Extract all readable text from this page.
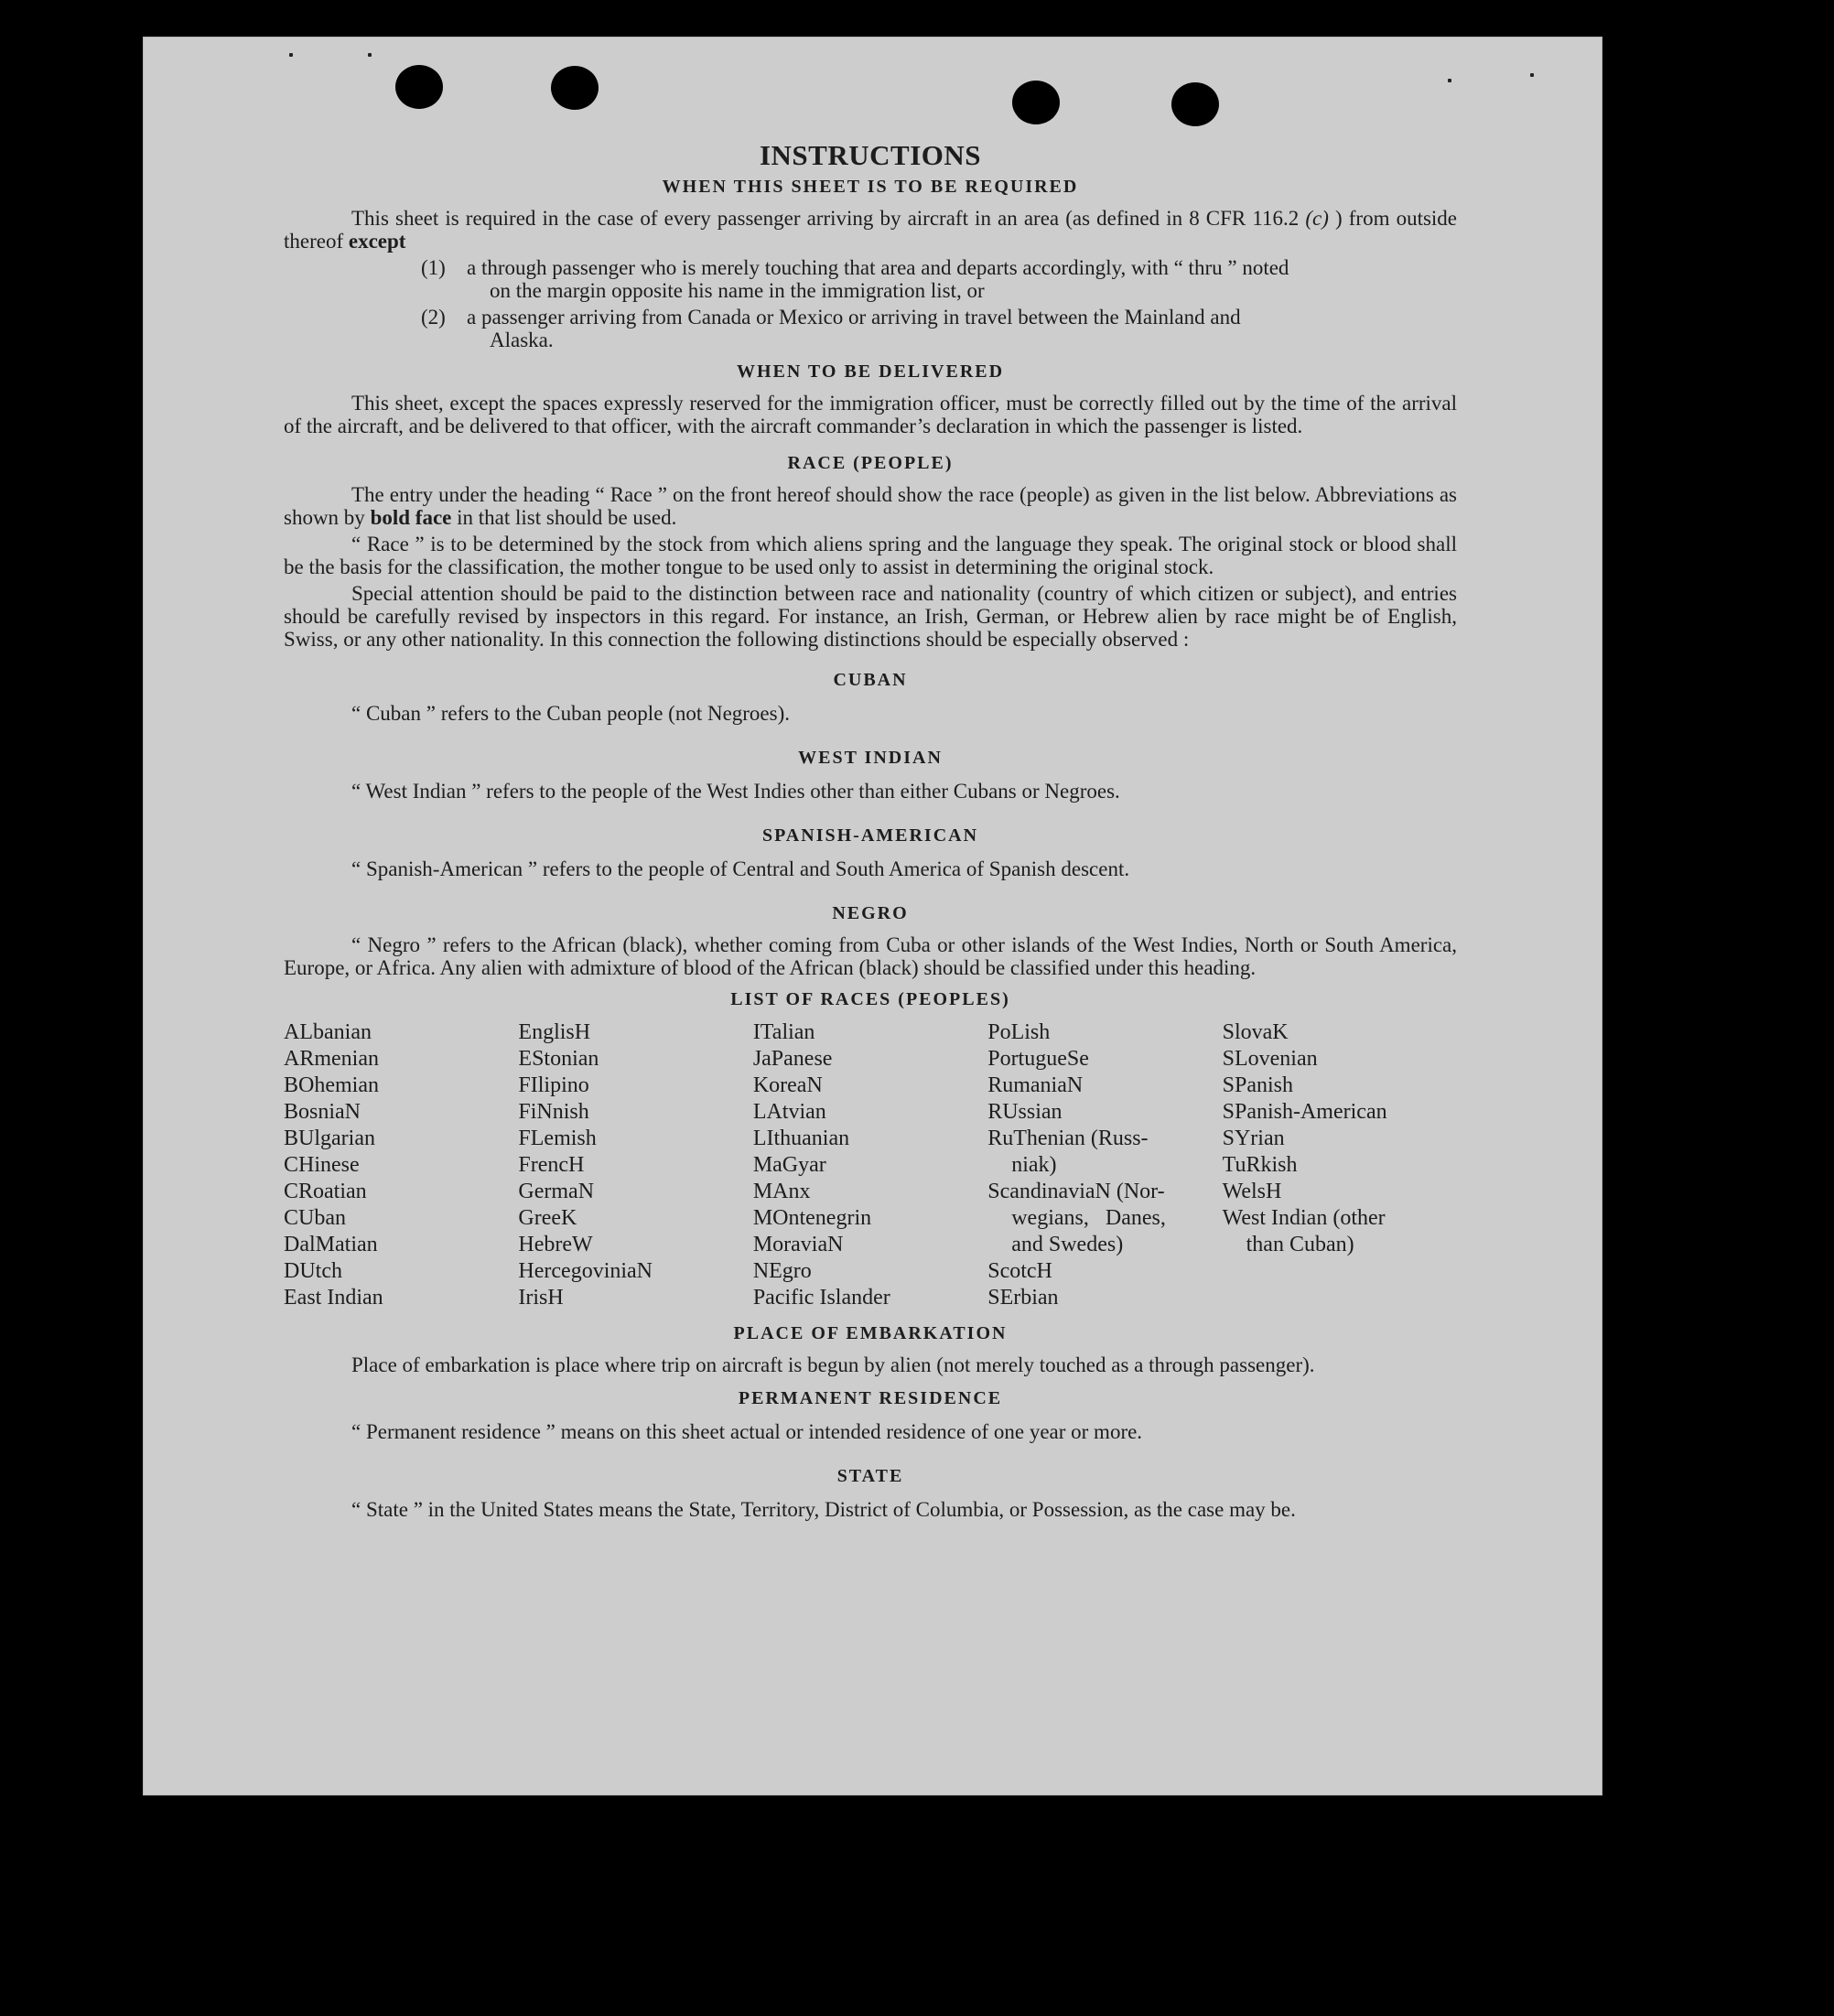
INSTRUCTIONS
WHEN THIS SHEET IS TO BE REQUIRED

This sheet is required in the case of every passenger arriving by aircraft in an area (as defined in 8 CFR 116.2 (c) ) from outside thereof except

(1) a through passenger who is merely touching that area and departs accordingly, with “ thru ” noted
on the margin opposite his name in the immigration list, or
(2) a passenger arriving from Canada or Mexico or arriving in travel between the Mainland and
Alaska.
WHEN TO BE DELIVERED

This sheet, except the spaces expressly reserved for the immigration officer, must be correctly filled out by the time of the arrival of the aircraft, and be delivered to that officer, with the aircraft commander’s declaration in which the passenger is listed.

RACE (PEOPLE)

The entry under the heading “ Race ” on the front hereof should show the race (people) as given in the list below. Abbreviations as shown by bold face in that list should be used.

“ Race ” is to be determined by the stock from which aliens spring and the language they speak. The original stock or blood shall be the basis for the classification, the mother tongue to be used only to assist in determining the original stock.

Special attention should be paid to the distinction between race and nationality (country of which citizen or subject), and entries should be carefully revised by inspectors in this regard. For instance, an Irish, German, or Hebrew alien by race might be of English, Swiss, or any other nationality. In this connection the following distinctions should be especially observed :

CUBAN

“ Cuban ” refers to the Cuban people (not Negroes).

WEST INDIAN

“ West Indian ” refers to the people of the West Indies other than either Cubans or Negroes.

SPANISH-AMERICAN

“ Spanish-American ” refers to the people of Central and South America of Spanish descent.

NEGRO

“ Negro ” refers to the African (black), whether coming from Cuba or other islands of the West Indies, North or South America, Europe, or Africa. Any alien with admixture of blood of the African (black) should be classified under this heading.

LIST OF RACES (PEOPLES)
ALbanian
ARmenian
BOhemian
BosniaN
BUlgarian
CHinese
CRoatian
CUban
DalMatian
DUtch
East Indian
EnglisH
EStonian
FIlipino
FiNnish
FLemish
FrencH
GermaN
GreeK
HebreW
HercegoviniaN
IrisH
ITalian
JaPanese
KoreaN
LAtvian
LIthuanian
MaGyar
MAnx
MOntenegrin
MoraviaN
NEgro
Pacific Islander
PoLish
PortugueSe
RumaniaN
RUssian
RuThenian (Russ-
niak)
ScandinaviaN (Nor-
wegians,   Danes,
and Swedes)
ScotcH
SErbian
SlovaK
SLovenian
SPanish
SPanish-American
SYrian
TuRkish
WelsH
West Indian (other
than Cuban)
PLACE OF EMBARKATION

Place of embarkation is place where trip on aircraft is begun by alien (not merely touched as a through passenger).

PERMANENT RESIDENCE

“ Permanent residence ” means on this sheet actual or intended residence of one year or more.

STATE

“ State ” in the United States means the State, Territory, District of Columbia, or Possession, as the case may be.
